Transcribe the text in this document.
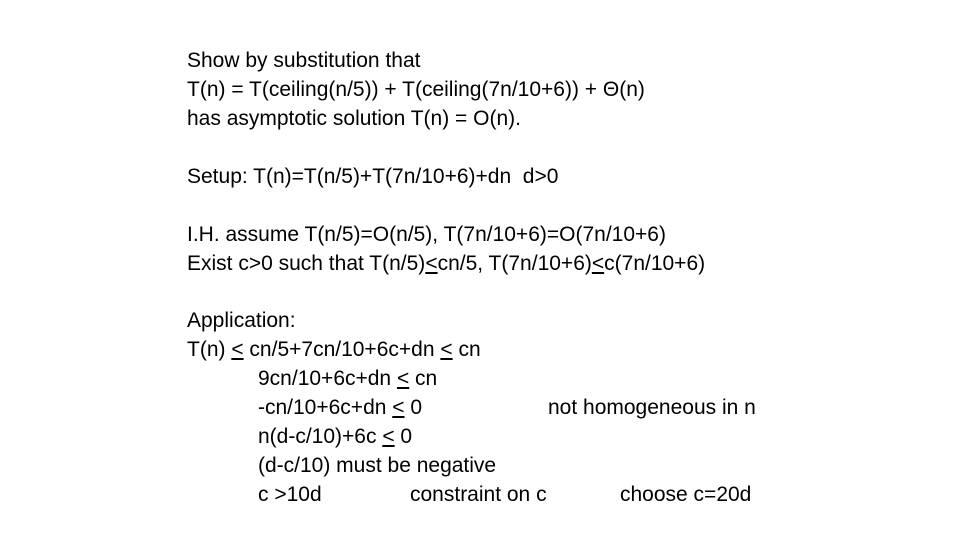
Show by substitution that
T(n) = T(ceiling(n/5)) + T(ceiling(7n/10+6)) + Θ(n)
has asymptotic solution T(n) = O(n).
Setup: T(n)=T(n/5)+T(7n/10+6)+dn  d>0
I.H. assume T(n/5)=O(n/5), T(7n/10+6)=O(7n/10+6)
Exist c>0 such that T(n/5)<cn/5, T(7n/10+6)<c(7n/10+6)
Application:
T(n) < cn/5+7cn/10+6c+dn < cn
9cn/10+6c+dn < cn
-cn/10+6c+dn ≤ 0	not homogeneous in n
n(d-c/10)+6c ≤ 0
(d-c/10) must be negative
c >10d	constraint on c	choose c=20d
